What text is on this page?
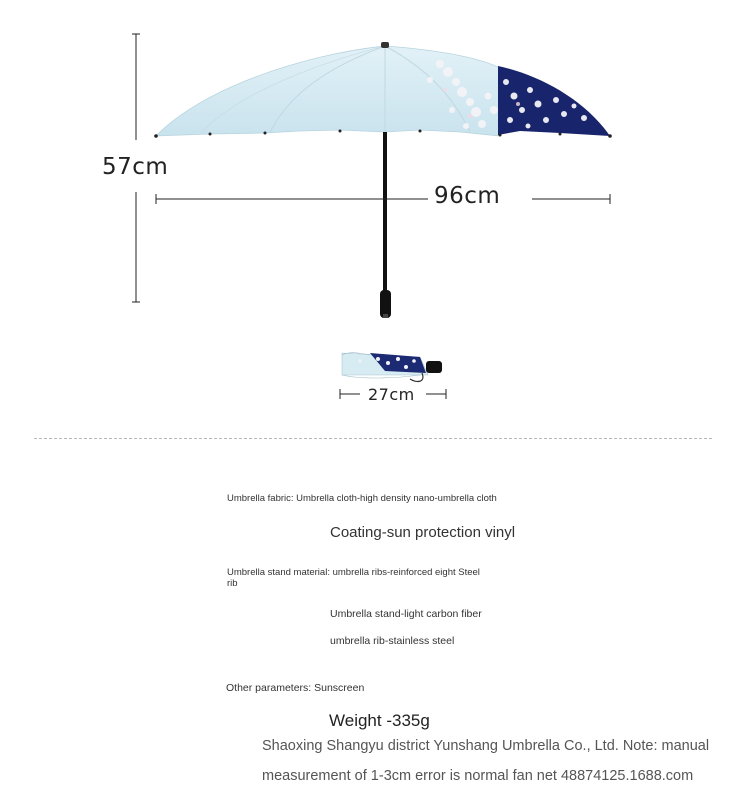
57cm
96cm
27cm
Umbrella fabric: Umbrella cloth-high density nano-umbrella cloth
Coating-sun protection vinyl
Umbrella stand material: umbrella ribs-reinforced eight Steel
rib
Umbrella stand-light carbon fiber
umbrella rib-stainless steel
Other parameters: Sunscreen
Weight -335g
Shaoxing Shangyu district Yunshang Umbrella Co., Ltd. Note: manual
measurement of 1-3cm error is normal fan net 48874125.1688.com
